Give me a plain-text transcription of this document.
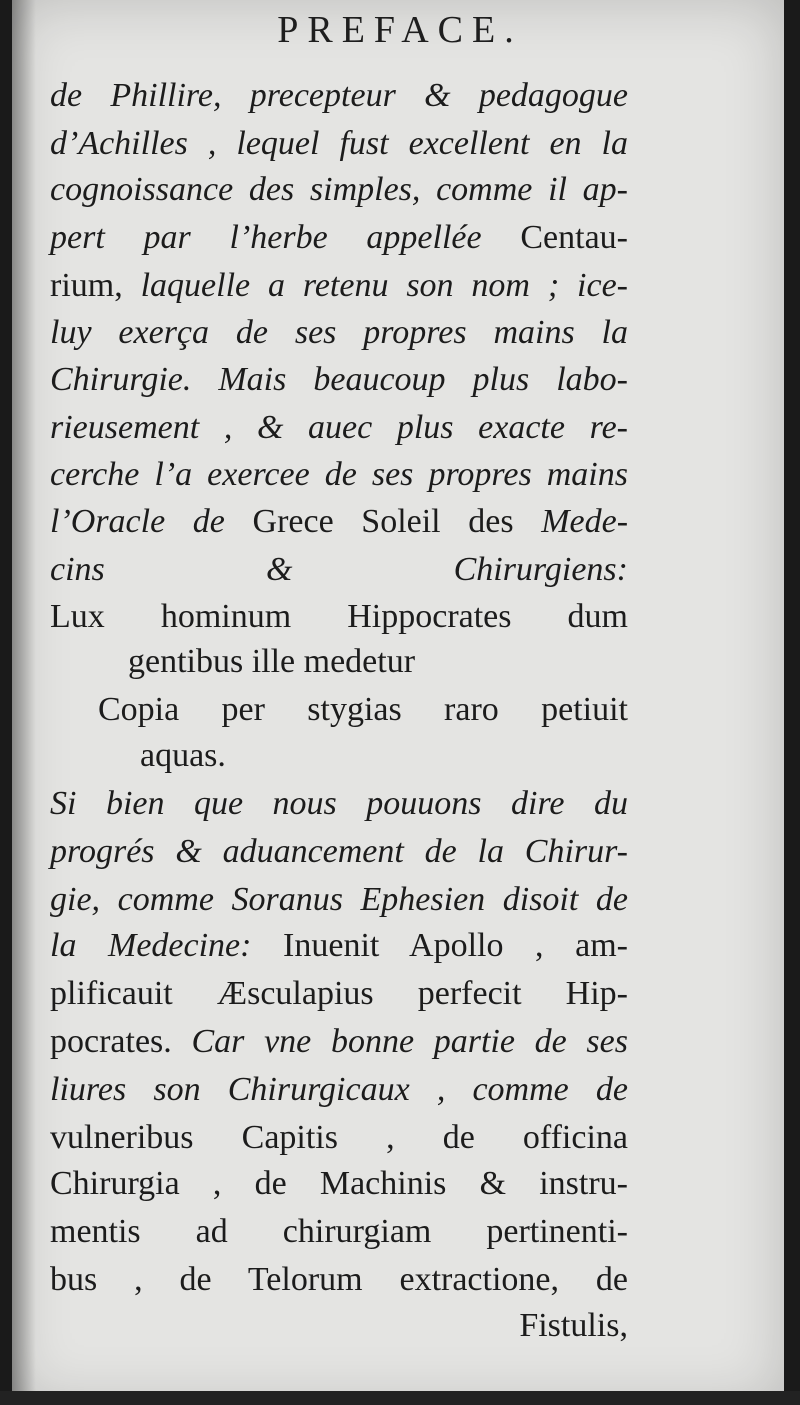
PREFACE.
de Phillire, precepteur & pedagogue
d’Achilles , lequel fust excellent en la
cognoissance des simples, comme il ap-
pert par l’herbe appellée Centau-
rium, laquelle a retenu son nom ; ice-
luy exerça de ses propres mains la
Chirurgie. Mais beaucoup plus labo-
rieusement , & auec plus exacte re-
cerche l’a exercee de ses propres mains
l’Oracle de Grece Soleil des Mede-
cins & Chirurgiens:
Lux hominum Hippocrates dum
gentibus ille medetur
Copia per stygias raro petiuit
aquas.
Si bien que nous pouuons dire du
progrés & aduancement de la Chirur-
gie, comme Soranus Ephesien disoit de
la Medecine: Inuenit Apollo , am-
plificauit Æsculapius perfecit Hip-
pocrates. Car vne bonne partie de ses
liures son Chirurgicaux , comme de
vulneribus Capitis , de officina
Chirurgia , de Machinis & instru-
mentis ad chirurgiam pertinenti-
bus , de Telorum extractione, de
Fistulis,
